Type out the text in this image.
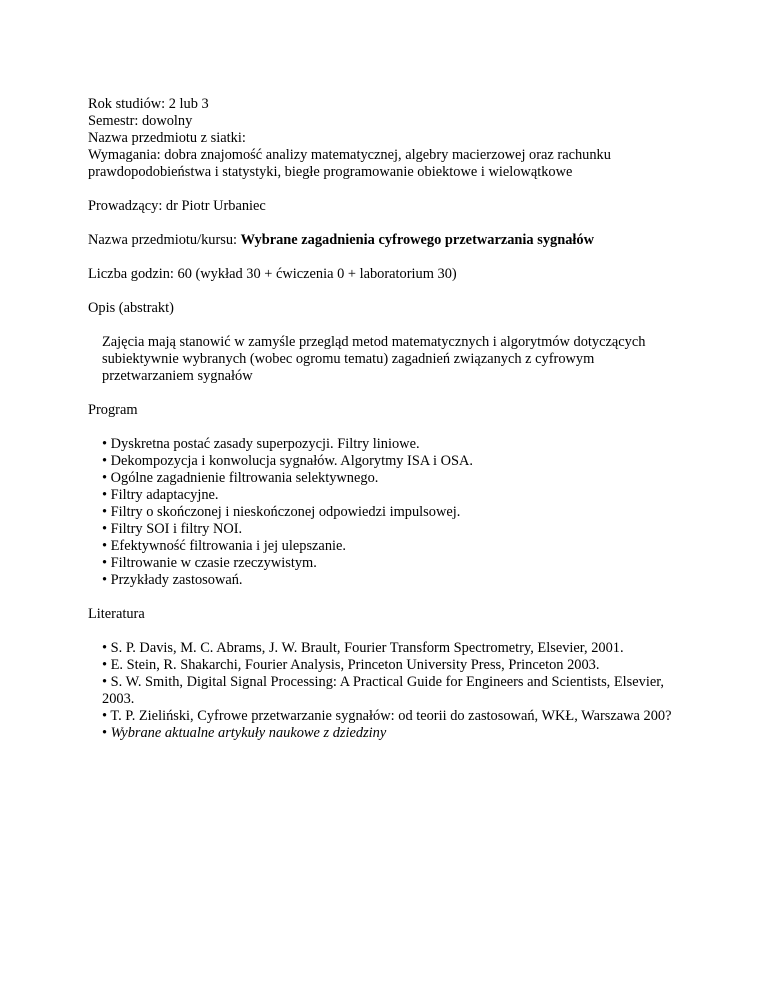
Rok studiów: 2 lub 3
Semestr: dowolny
Nazwa przedmiotu z siatki:
Wymagania: dobra znajomość analizy matematycznej, algebry macierzowej oraz rachunku prawdopodobieństwa i statystyki, biegłe programowanie obiektowe i wielowątkowe
Prowadzący: dr Piotr Urbaniec
Nazwa przedmiotu/kursu: Wybrane zagadnienia cyfrowego przetwarzania sygnałów
Liczba godzin: 60 (wykład 30 + ćwiczenia 0 + laboratorium 30)
Opis (abstrakt)
Zajęcia mają stanowić w zamyśle przegląd metod matematycznych i algorytmów dotyczących subiektywnie wybranych (wobec ogromu tematu) zagadnień związanych z cyfrowym przetwarzaniem sygnałów
Program
• Dyskretna postać zasady superpozycji. Filtry liniowe.
• Dekompozycja i konwolucja sygnałów. Algorytmy ISA i OSA.
• Ogólne zagadnienie filtrowania selektywnego.
• Filtry adaptacyjne.
• Filtry o skończonej i nieskończonej odpowiedzi impulsowej.
• Filtry SOI i filtry NOI.
• Efektywność filtrowania i jej ulepszanie.
• Filtrowanie w czasie rzeczywistym.
• Przykłady zastosowań.
Literatura
• S. P. Davis, M. C. Abrams, J. W. Brault, Fourier Transform Spectrometry, Elsevier, 2001.
• E. Stein, R. Shakarchi, Fourier Analysis, Princeton University Press, Princeton 2003.
• S. W. Smith, Digital Signal Processing: A Practical Guide for Engineers and Scientists, Elsevier, 2003.
• T. P. Zieliński, Cyfrowe przetwarzanie sygnałów: od teorii do zastosowań, WKŁ, Warszawa 200?
• Wybrane aktualne artykuły naukowe z dziedziny
